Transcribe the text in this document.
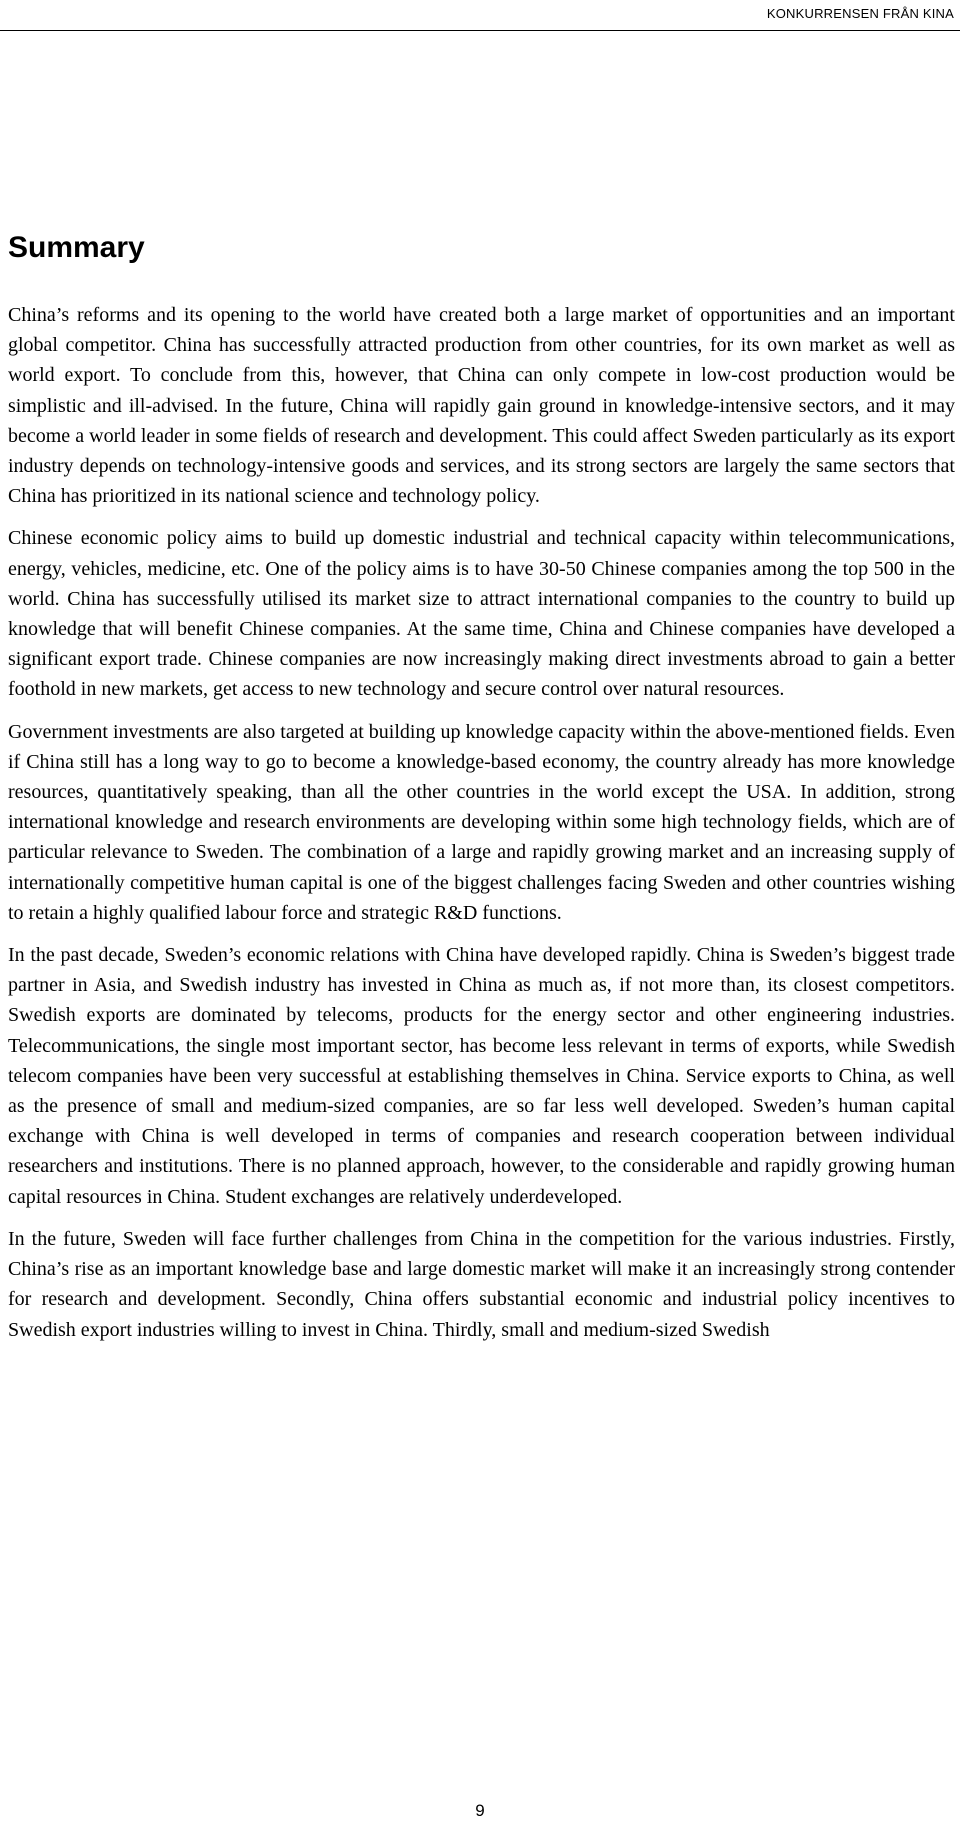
KONKURRENSEN FRÅN KINA
Summary

China’s reforms and its opening to the world have created both a large market of opportunities and an important global competitor. China has successfully attracted production from other countries, for its own market as well as world export. To conclude from this, however, that China can only compete in low-cost production would be simplistic and ill-advised. In the future, China will rapidly gain ground in knowledge-intensive sectors, and it may become a world leader in some fields of research and development. This could affect Sweden particularly as its export industry depends on technology-intensive goods and services, and its strong sectors are largely the same sectors that China has prioritized in its national science and technology policy.

Chinese economic policy aims to build up domestic industrial and technical capacity within telecommunications, energy, vehicles, medicine, etc. One of the policy aims is to have 30-50 Chinese companies among the top 500 in the world. China has successfully utilised its market size to attract international companies to the country to build up knowledge that will benefit Chinese companies. At the same time, China and Chinese companies have developed a significant export trade. Chinese companies are now increasingly making direct investments abroad to gain a better foothold in new markets, get access to new technology and secure control over natural resources.

Government investments are also targeted at building up knowledge capacity within the above-mentioned fields. Even if China still has a long way to go to become a knowledge-based economy, the country already has more knowledge resources, quantitatively speaking, than all the other countries in the world except the USA. In addition, strong international knowledge and research environments are developing within some high technology fields, which are of particular relevance to Sweden. The combination of a large and rapidly growing market and an increasing supply of internationally competitive human capital is one of the biggest challenges facing Sweden and other countries wishing to retain a highly qualified labour force and strategic R&D functions.

In the past decade, Sweden’s economic relations with China have developed rapidly. China is Sweden’s biggest trade partner in Asia, and Swedish industry has invested in China as much as, if not more than, its closest competitors. Swedish exports are dominated by telecoms, products for the energy sector and other engineering industries. Telecommunications, the single most important sector, has become less relevant in terms of exports, while Swedish telecom companies have been very successful at establishing themselves in China. Service exports to China, as well as the presence of small and medium-sized companies, are so far less well developed. Sweden’s human capital exchange with China is well developed in terms of companies and research cooperation between individual researchers and institutions. There is no planned approach, however, to the considerable and rapidly growing human capital resources in China. Student exchanges are relatively underdeveloped.

In the future, Sweden will face further challenges from China in the competition for the various industries. Firstly, China’s rise as an important knowledge base and large domestic market will make it an increasingly strong contender for research and development. Secondly, China offers substantial economic and industrial policy incentives to Swedish export industries willing to invest in China. Thirdly, small and medium-sized Swedish

9
